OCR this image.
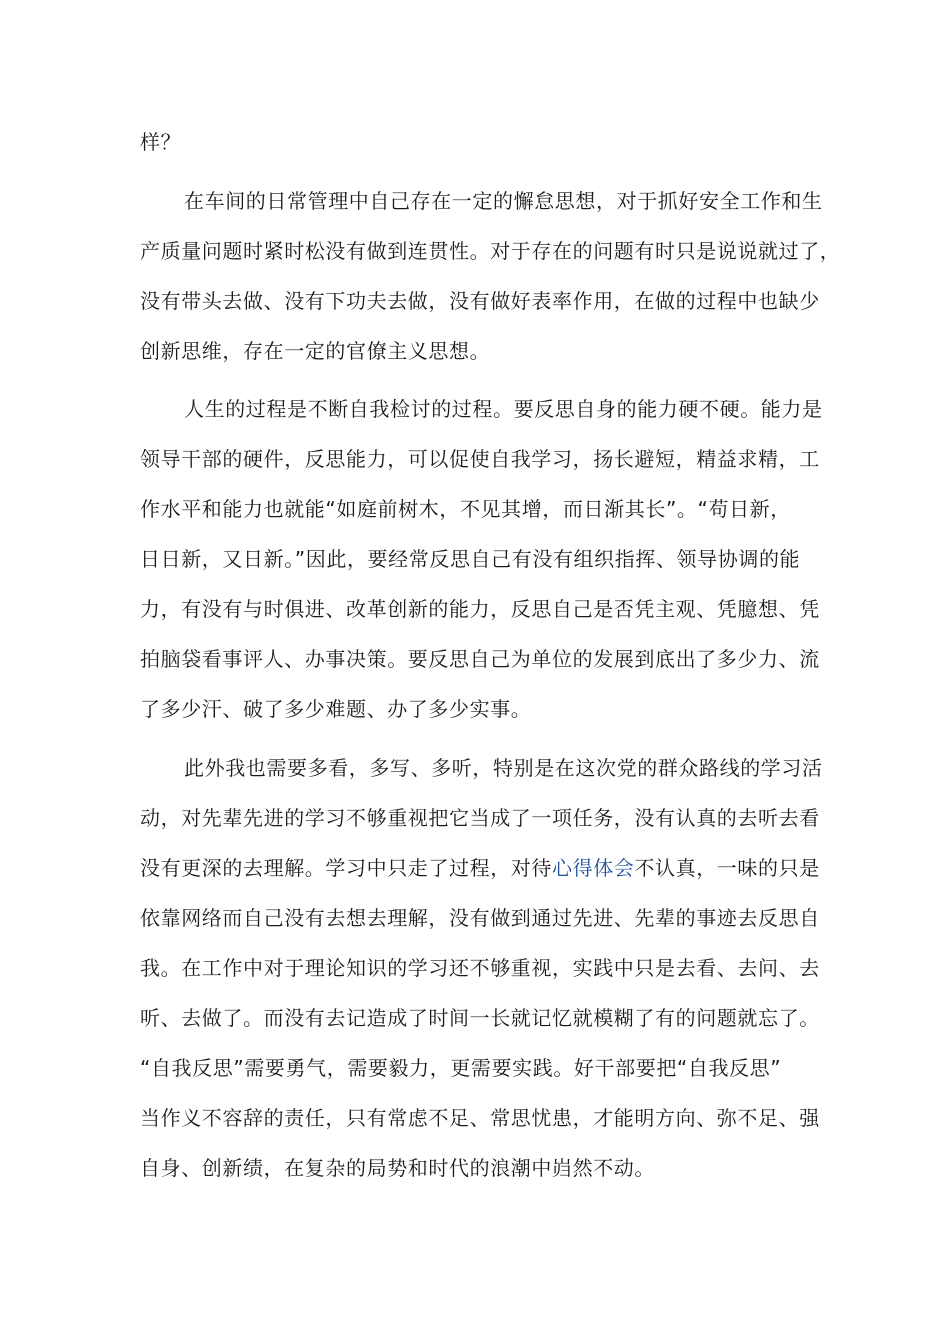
样？

在车间的日常管理中自己存在一定的懈怠思想，对于抓好安全工作和生

产质量问题时紧时松没有做到连贯性。对于存在的问题有时只是说说就过了，

没有带头去做、没有下功夫去做，没有做好表率作用，在做的过程中也缺少

创新思维，存在一定的官僚主义思想。

人生的过程是不断自我检讨的过程。要反思自身的能力硬不硬。能力是

领导干部的硬件，反思能力，可以促使自我学习，扬长避短，精益求精，工

作水平和能力也就能“如庭前树木，不见其增，而日渐其长”。“苟日新，

日日新，又日新。”因此，要经常反思自己有没有组织指挥、领导协调的能

力，有没有与时俱进、改革创新的能力，反思自己是否凭主观、凭臆想、凭

拍脑袋看事评人、办事决策。要反思自己为单位的发展到底出了多少力、流

了多少汗、破了多少难题、办了多少实事。

此外我也需要多看，多写、多听，特别是在这次党的群众路线的学习活

动，对先辈先进的学习不够重视把它当成了一项任务，没有认真的去听去看

没有更深的去理解。学习中只走了过程，对待心得体会不认真，一味的只是

依靠网络而自己没有去想去理解，没有做到通过先进、先辈的事迹去反思自

我。在工作中对于理论知识的学习还不够重视，实践中只是去看、去问、去

听、去做了。而没有去记造成了时间一长就记忆就模糊了有的问题就忘了。

“自我反思”需要勇气，需要毅力，更需要实践。好干部要把“自我反思”

当作义不容辞的责任，只有常虑不足、常思忧患，才能明方向、弥不足、强

自身、创新绩，在复杂的局势和时代的浪潮中岿然不动。
